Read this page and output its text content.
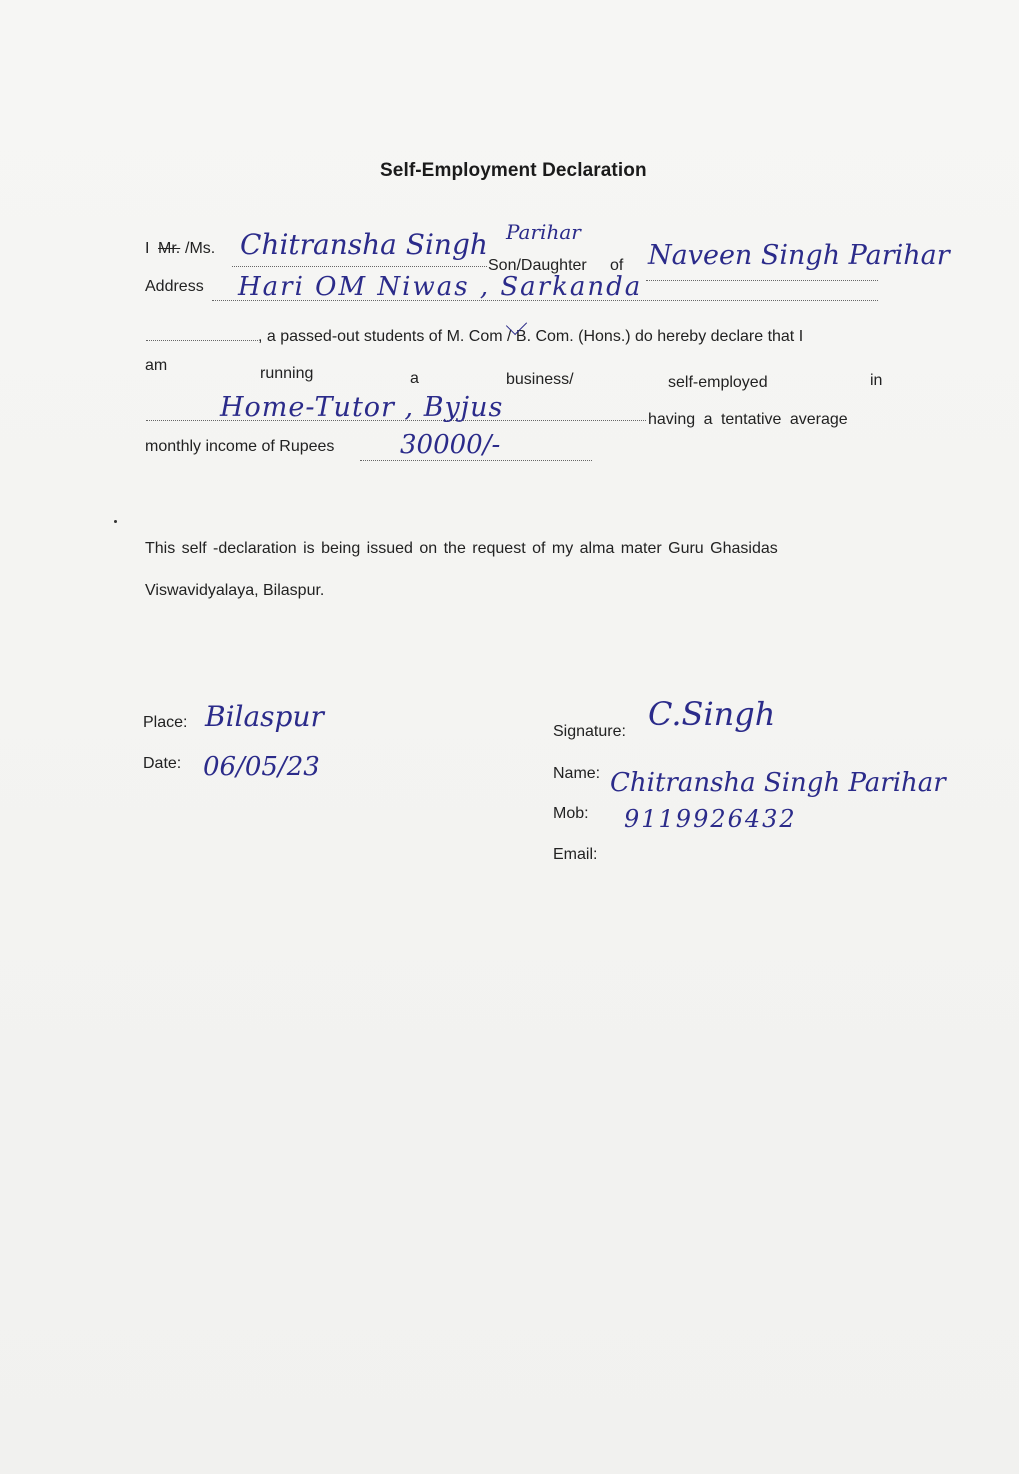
Self-Employment Declaration
I Mr. /Ms. Chitransha Singh Parihar
Son/Daughter of Naveen Singh Parihar
Address Hari OM Niwas , Sarkanda
, a passed-out students of M. Com / B. Com. (Hons.) do hereby declare that I
am	running	a	business/	self-employed	in
Home-Tutor , Byjus	having a tentative average
monthly income of Rupees	30000/-
This self -declaration is being issued on the request of my alma mater Guru Ghasidas
Viswavidyalaya, Bilaspur.
Place: Bilaspur
Date: 06/05/23
Signature: C.Singh
Name: Chitransha Singh Parihar
Mob: 9119926432
Email:
